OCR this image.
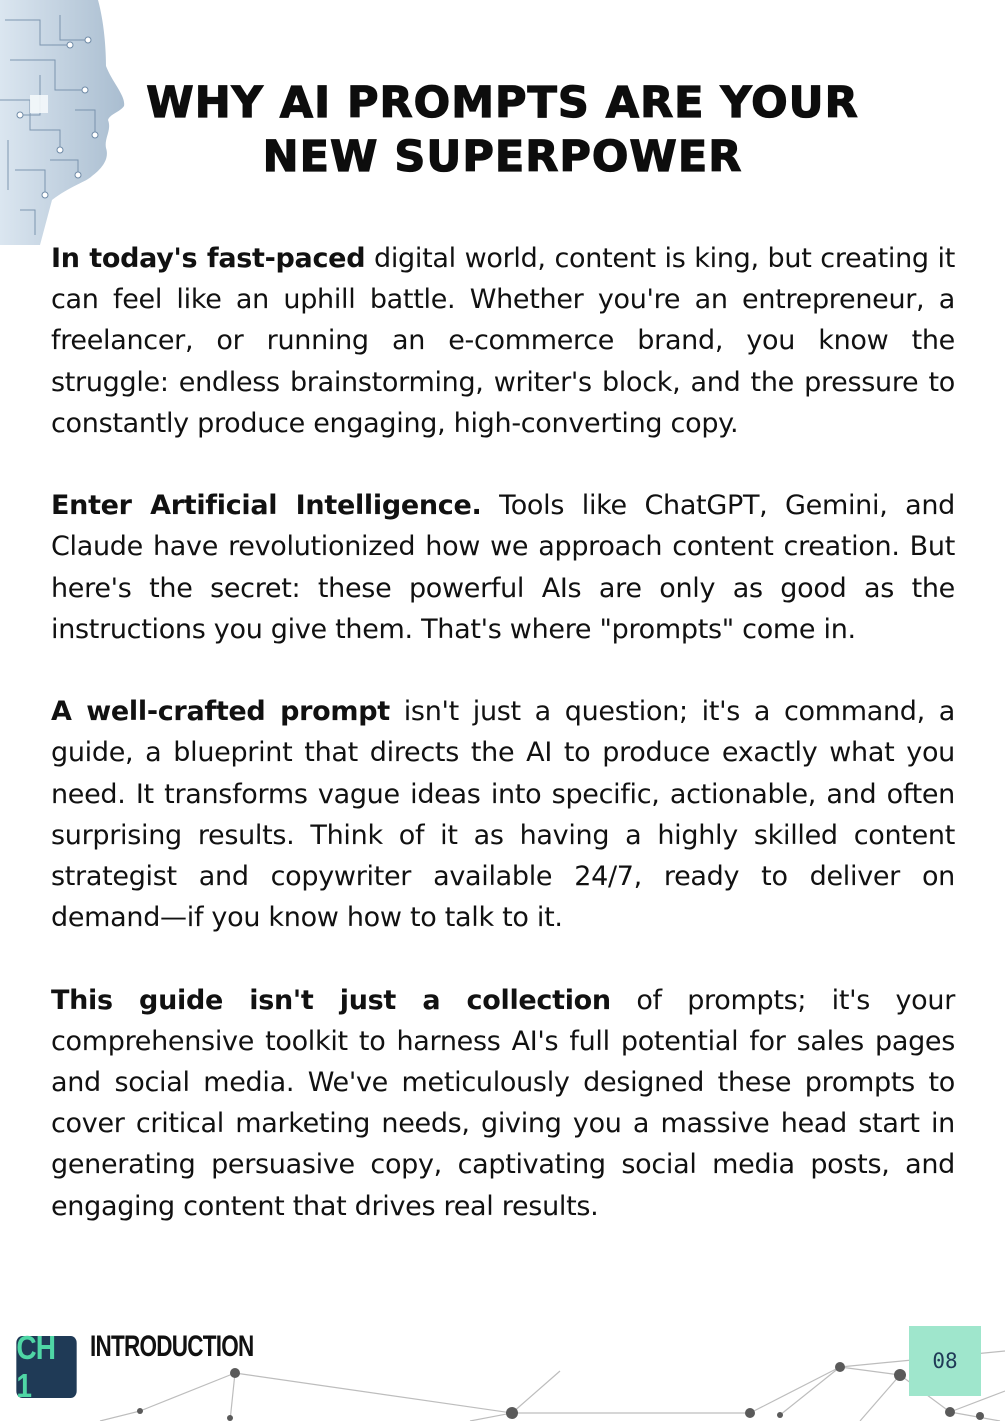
WHY AI PROMPTS ARE YOUR
NEW SUPERPOWER

In today's fast-paced digital world, content is king, but creating it can feel like an uphill battle. Whether you're an entrepreneur, a freelancer, or running an e-commerce brand, you know the struggle: endless brainstorming, writer's block, and the pressure to constantly produce engaging, high-converting copy.

Enter Artificial Intelligence. Tools like ChatGPT, Gemini, and Claude have revolutionized how we approach content creation. But here's the secret: these powerful AIs are only as good as the instructions you give them. That's where "prompts" come in.

A well-crafted prompt isn't just a question; it's a command, a guide, a blueprint that directs the AI to produce exactly what you need. It transforms vague ideas into specific, actionable, and often surprising results. Think of it as having a highly skilled content strategist and copywriter available 24/7, ready to deliver on demand—if you know how to talk to it.

This guide isn't just a collection of prompts; it's your comprehensive toolkit to harness AI's full potential for sales pages and social media. We've meticulously designed these prompts to cover critical marketing needs, giving you a massive head start in generating persuasive copy, captivating social media posts, and engaging content that drives real results.

CH 1
INTRODUCTION	08
